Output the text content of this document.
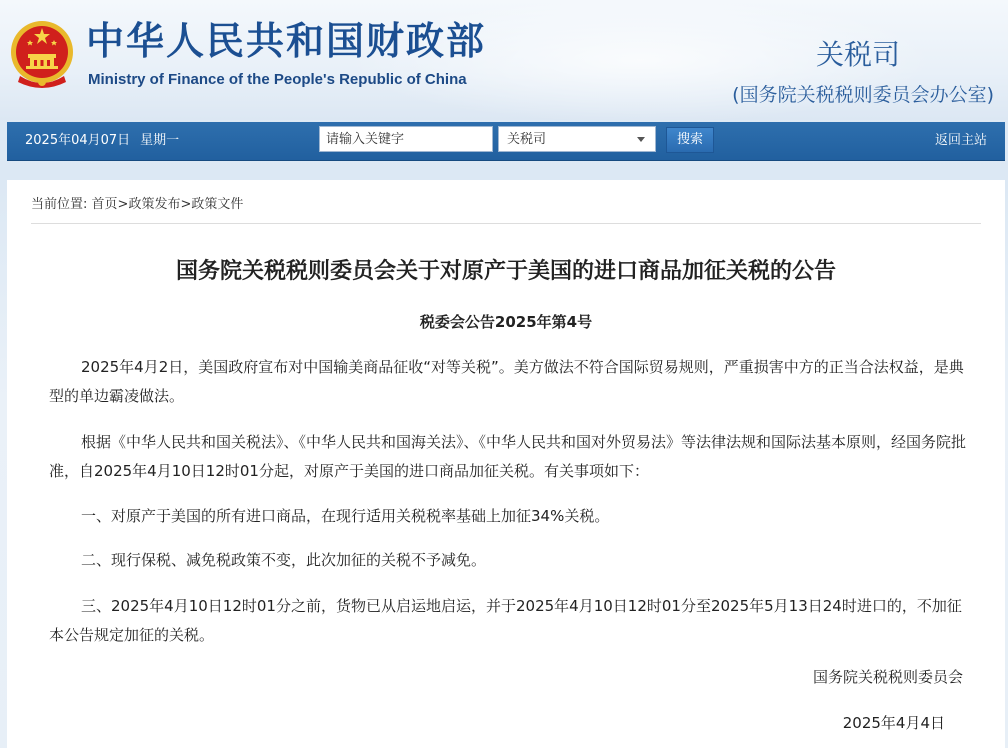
中华人民共和国财政部
Ministry of Finance of the People's Republic of China
关税司
(国务院关税税则委员会办公室)
2025年04月07日 星期一
请输入关键字	关税司	搜索	返回主站
当前位置: 首页>政策发布>政策文件
国务院关税税则委员会关于对原产于美国的进口商品加征关税的公告
税委会公告2025年第4号

2025年4月2日，美国政府宣布对中国输美商品征收“对等关税”。美方做法不符合国际贸易规则，严重损害中方的正当合法权益，是典型的单边霸凌做法。

根据《中华人民共和国关税法》、《中华人民共和国海关法》、《中华人民共和国对外贸易法》等法律法规和国际法基本原则，经国务院批准，自2025年4月10日12时01分起，对原产于美国的进口商品加征关税。有关事项如下：

一、对原产于美国的所有进口商品，在现行适用关税税率基础上加征34%关税。

二、现行保税、减免税政策不变，此次加征的关税不予减免。

三、2025年4月10日12时01分之前，货物已从启运地启运，并于2025年4月10日12时01分至2025年5月13日24时进口的，不加征本公告规定加征的关税。

国务院关税税则委员会
2025年4月4日
